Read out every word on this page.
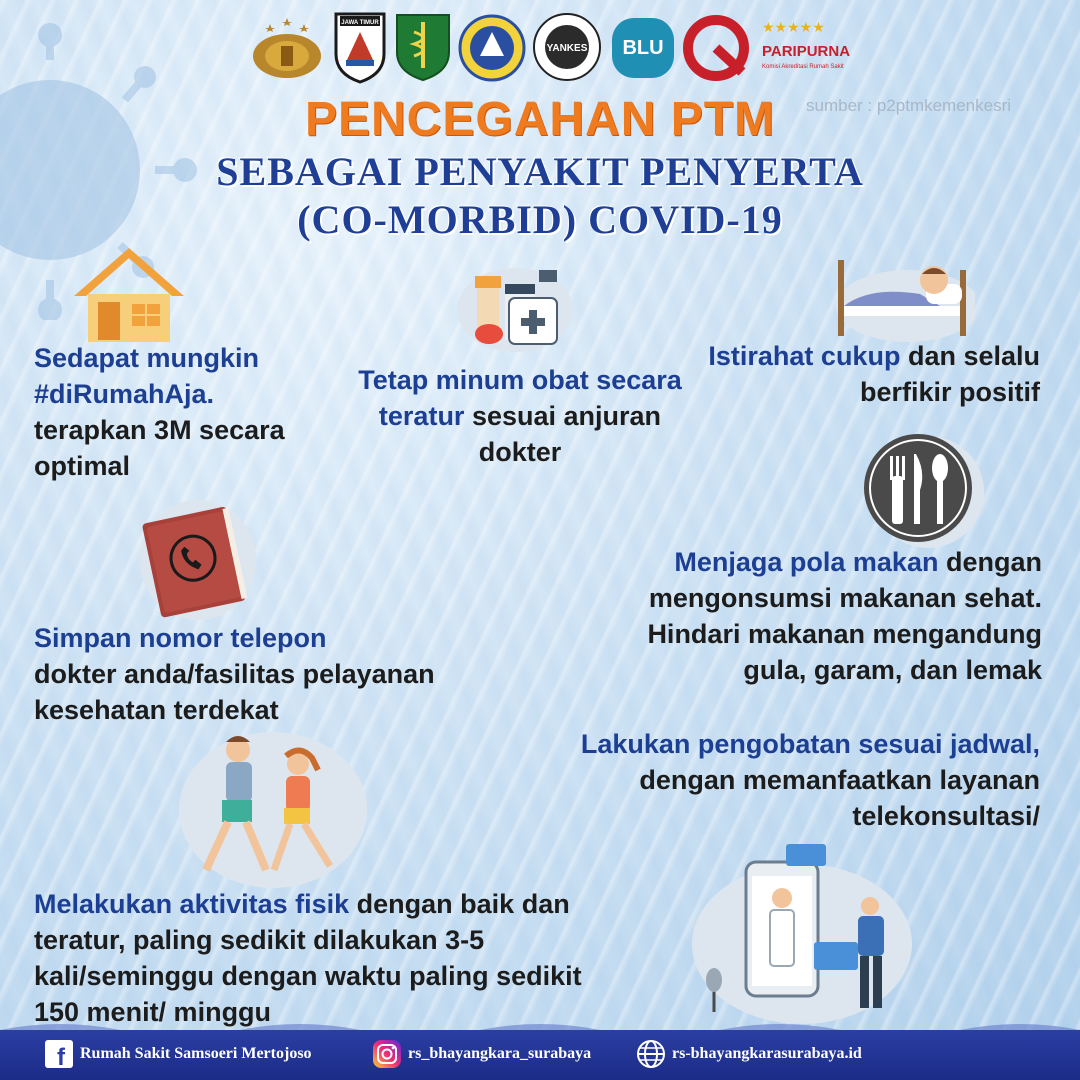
JAWA TIMUR
YANKES BLU
★★★★★
PARIPURNA
Komisi Akreditasi Rumah Sakit
sumber : p2ptmkemenkesri
PENCEGAHAN PTM
SEBAGAI PENYAKIT PENYERTA
(CO-MORBID) COVID-19
Sedapat mungkin #diRumahAja.
terapkan 3M secara optimal
Tetap minum obat secara teratur sesuai anjuran dokter
Istirahat cukup dan selalu berfikir positif
Menjaga pola makan dengan mengonsumsi makanan sehat. Hindari makanan mengandung gula, garam, dan lemak
Simpan nomor telepon
dokter anda/fasilitas pelayanan kesehatan terdekat
Lakukan pengobatan sesuai jadwal, dengan memanfaatkan layanan telekonsultasi/
Melakukan aktivitas fisik dengan baik dan teratur, paling sedikit dilakukan 3-5 kali/seminggu dengan waktu paling sedikit 150 menit/ minggu
f Rumah Sakit Samsoeri Mertojoso	rs_bhayangkara_surabaya	rs-bhayangkarasurabaya.id
